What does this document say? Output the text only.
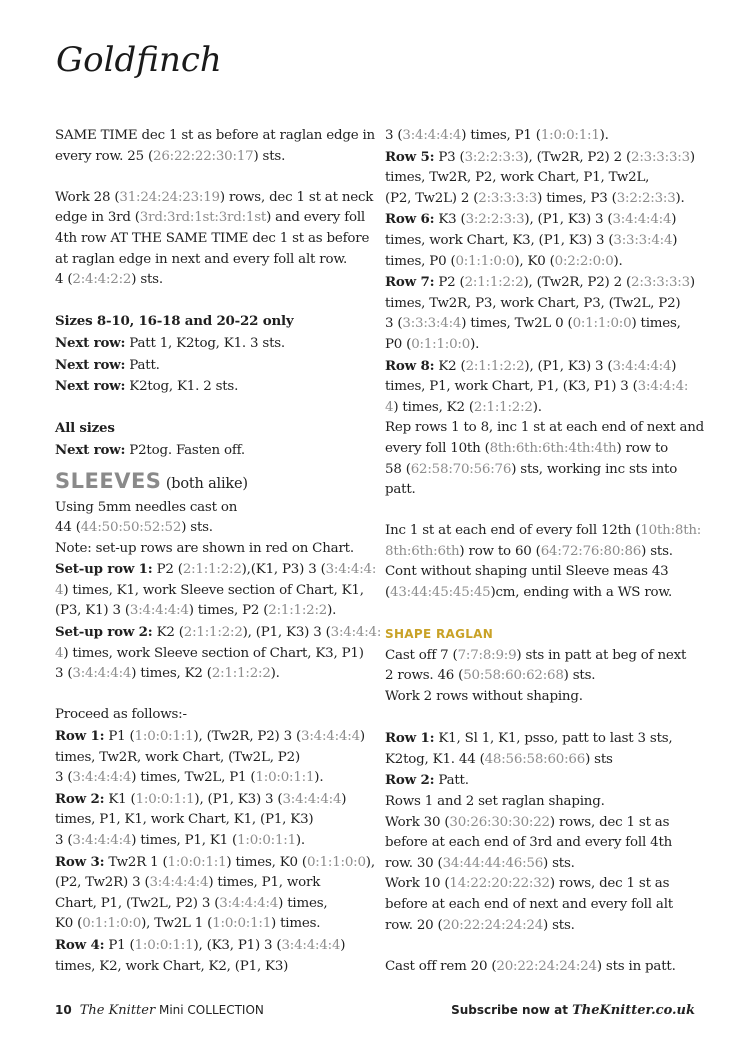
Goldfinch
SAME TIME dec 1 st as before at raglan edge in
every row. 25 (26:22:22:30:17) sts.
Work 28 (31:24:24:23:19) rows, dec 1 st at neck
edge in 3rd (3rd:3rd:1st:3rd:1st) and every foll
4th row AT THE SAME TIME dec 1 st as before
at raglan edge in next and every foll alt row.
4 (2:4:4:2:2) sts.
Sizes 8-10, 16-18 and 20-22 only
Next row: Patt 1, K2tog, K1. 3 sts.
Next row: Patt.
Next row: K2tog, K1. 2 sts.
All sizes
Next row: P2tog. Fasten off.
SLEEVES (both alike)
Using 5mm needles cast on
44 (44:50:50:52:52) sts.
Note: set-up rows are shown in red on Chart.
Set-up row 1: P2 (2:1:1:2:2),(K1, P3) 3 (3:4:4:4:
4) times, K1, work Sleeve section of Chart, K1,
(P3, K1) 3 (3:4:4:4:4) times, P2 (2:1:1:2:2).
Set-up row 2: K2 (2:1:1:2:2), (P1, K3) 3 (3:4:4:4:
4) times, work Sleeve section of Chart, K3, P1)
3 (3:4:4:4:4) times, K2 (2:1:1:2:2).
Proceed as follows:-
Row 1: P1 (1:0:0:1:1), (Tw2R, P2) 3 (3:4:4:4:4)
times, Tw2R, work Chart, (Tw2L, P2)
3 (3:4:4:4:4) times, Tw2L, P1 (1:0:0:1:1).
Row 2: K1 (1:0:0:1:1), (P1, K3) 3 (3:4:4:4:4)
times, P1, K1, work Chart, K1, (P1, K3)
3 (3:4:4:4:4) times, P1, K1 (1:0:0:1:1).
Row 3: Tw2R 1 (1:0:0:1:1) times, K0 (0:1:1:0:0),
(P2, Tw2R) 3 (3:4:4:4:4) times, P1, work
Chart, P1, (Tw2L, P2) 3 (3:4:4:4:4) times,
K0 (0:1:1:0:0), Tw2L 1 (1:0:0:1:1) times.
Row 4: P1 (1:0:0:1:1), (K3, P1) 3 (3:4:4:4:4)
times, K2, work Chart, K2, (P1, K3)
3 (3:4:4:4:4) times, P1 (1:0:0:1:1).
Row 5: P3 (3:2:2:3:3), (Tw2R, P2) 2 (2:3:3:3:3)
times, Tw2R, P2, work Chart, P1, Tw2L,
(P2, Tw2L) 2 (2:3:3:3:3) times, P3 (3:2:2:3:3).
Row 6: K3 (3:2:2:3:3), (P1, K3) 3 (3:4:4:4:4)
times, work Chart, K3, (P1, K3) 3 (3:3:3:4:4)
times, P0 (0:1:1:0:0), K0 (0:2:2:0:0).
Row 7: P2 (2:1:1:2:2), (Tw2R, P2) 2 (2:3:3:3:3)
times, Tw2R, P3, work Chart, P3, (Tw2L, P2)
3 (3:3:3:4:4) times, Tw2L 0 (0:1:1:0:0) times,
P0 (0:1:1:0:0).
Row 8: K2 (2:1:1:2:2), (P1, K3) 3 (3:4:4:4:4)
times, P1, work Chart, P1, (K3, P1) 3 (3:4:4:4:
4) times, K2 (2:1:1:2:2).
Rep rows 1 to 8, inc 1 st at each end of next and
every foll 10th (8th:6th:6th:4th:4th) row to
58 (62:58:70:56:76) sts, working inc sts into
patt.
Inc 1 st at each end of every foll 12th (10th:8th:
8th:6th:6th) row to 60 (64:72:76:80:86) sts.
Cont without shaping until Sleeve meas 43
(43:44:45:45:45)cm, ending with a WS row.
SHAPE RAGLAN
Cast off 7 (7:7:8:9:9) sts in patt at beg of next
2 rows. 46 (50:58:60:62:68) sts.
Work 2 rows without shaping.
Row 1: K1, Sl 1, K1, psso, patt to last 3 sts,
K2tog, K1. 44 (48:56:58:60:66) sts
Row 2: Patt.
Rows 1 and 2 set raglan shaping.
Work 30 (30:26:30:30:22) rows, dec 1 st as
before at each end of 3rd and every foll 4th
row. 30 (34:44:44:46:56) sts.
Work 10 (14:22:20:22:32) rows, dec 1 st as
before at each end of next and every foll alt
row. 20 (20:22:24:24:24) sts.
Cast off rem 20 (20:22:24:24:24) sts in patt.
10 The Knitter Mini COLLECTION	Subscribe now at TheKnitter.co.uk
